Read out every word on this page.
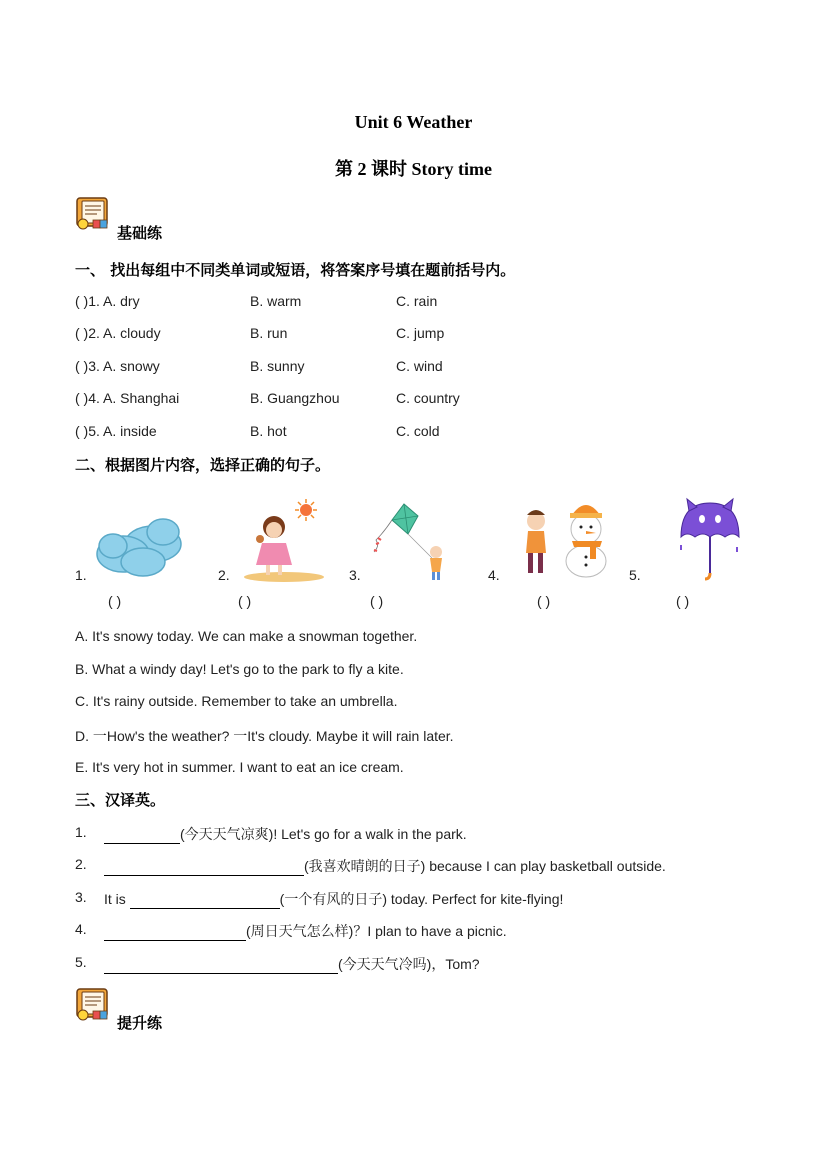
Unit 6 Weather
第 2 课时 Story time
基础练
一、 找出每组中不同类单词或短语，将答案序号填在题前括号内。
( )1. A. dry	B. warm	C. rain
( )2. A. cloudy	B. run	C. jump
( )3. A. snowy	B. sunny	C. wind
( )4. A. Shanghai	B. Guangzhou	C. country
( )5. A. inside	B. hot	C. cold
二、根据图片内容，选择正确的句子。
1.
( )
2.
( )
3.
( )
4.
( )
5.
( )
A. It's snowy today. We can make a snowman together.
B. What a windy day! Let's go to the park to fly a kite.
C. It's rainy outside. Remember to take an umbrella.
D. 一How's the weather? 一It's cloudy. Maybe it will rain later.
E. It's very hot in summer. I want to eat an ice cream.
三、汉译英。
1.	(今天天气凉爽)! Let's go for a walk in the park.
2.	(我喜欢晴朗的日子) because I can play basketball outside.
3. It is	(一个有风的日子) today. Perfect for kite-flying!
4.	(周日天气怎么样)？I plan to have a picnic.
5.	(今天天气冷吗)，Tom?
提升练
